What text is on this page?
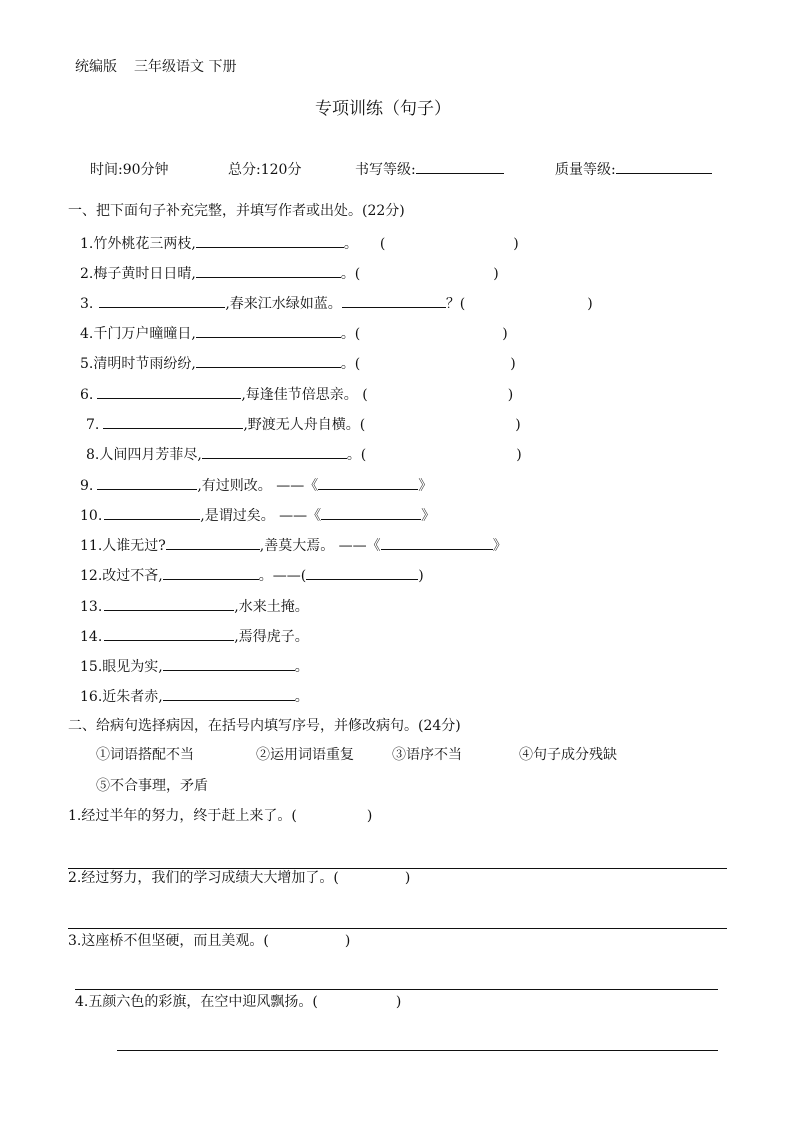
统编版 三年级语文 下册
专项训练（句子）
时间:90分钟	总分:120分	书写等级:	质量等级:
一、把下面句子补充完整，并填写作者或出处。(22分)
1.竹外桃花三两枝,	。 (	)
2.梅子黄时日日晴,	。(	)
3.	,春来江水绿如蓝。	？(	)
4.千门万户曈曈日,	。(	)
5.清明时节雨纷纷,	。(	)
6.	,每逢佳节倍思亲。 (	)
7.	,野渡无人舟自横。(	)
8.人间四月芳菲尽,	。(	)
9.	,有过则改。 ——《	》
10.	,是谓过矣。 ——《	》
11.人谁无过?	,善莫大焉。 ——《	》
12.改过不吝,	。——(	)
13.	,水来土掩。
14.	,焉得虎子。
15.眼见为实,	。
16.近朱者赤,	。
二、给病句选择病因，在括号内填写序号，并修改病句。(24分)
①词语搭配不当	②运用词语重复	③语序不当	④句子成分残缺
⑤不合事理，矛盾
1.经过半年的努力，终于赶上来了。(	)
2.经过努力，我们的学习成绩大大增加了。(	)
3.这座桥不但坚硬，而且美观。(	)
4.五颜六色的彩旗，在空中迎风飘扬。(	)
